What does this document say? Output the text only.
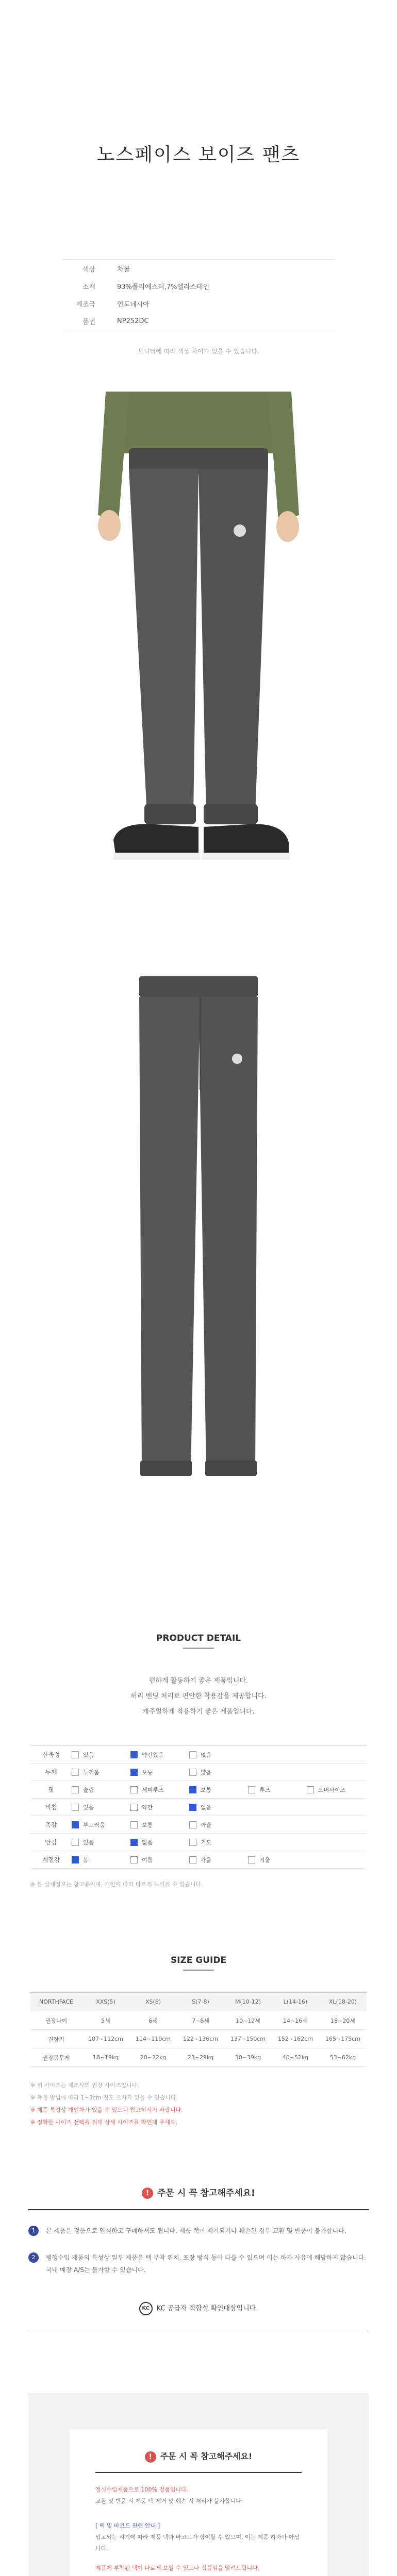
노스페이스 보이즈 팬츠
색상	차콜
소재	93%폴리에스터,7%엘라스테인
제조국	인도네시아
품번	NP252DC

모니터에 따라 색상 차이가 있을 수 있습니다.

PRODUCT DETAIL

편하게 활동하기 좋은 제품입니다.

허리 밴딩 처리로 편안한 착용감을 제공합니다.

캐주얼하게 착용하기 좋은 제품입니다.

신축성	있음	약간있음	없음
두께	두꺼움	보통	얇음
핏	슬림	세미루즈	보통	루즈	오버사이즈
비침	있음	약간	없음
촉감	부드러움	보통	까슬
안감	있음	없음	기모
계절감	봄	여름	가을	겨울

※ 본 상세정보는 참고용이며, 개인에 따라 다르게 느끼실 수 있습니다.

SIZE GUIDE
NORTHFACE	XXS(5)	XS(6)	S(7-8)	M(10-12)	L(14-16)	XL(18-20)
권장나이	5세	6세	7~8세	10~12세	14~16세	18~20세
권장키	107~112cm	114~119cm	122~136cm	137~150cm	152~162cm	165~175cm
권장몸무게	18~19kg	20~22kg	23~29kg	30~39kg	40~52kg	53~62kg

※ 위 사이즈는 제조사의 권장 사이즈입니다.

※ 측정 방법에 따라 1~3cm 정도 오차가 있을 수 있습니다.

※ 제품 특성상 개인차가 있을 수 있으니 참고하시기 바랍니다.

※ 정확한 사이즈 선택을 위해 상세 사이즈를 확인해 주세요.

! 주문 시 꼭 참고해주세요!
1	본 제품은 정품으로 안심하고 구매하셔도 됩니다. 제품 택이 제거되거나 훼손된 경우 교환 및 반품이 불가합니다.

2	병행수입 제품의 특성상 일부 제품은 택 부착 위치, 포장 방식 등이 다를 수 있으며 이는 하자 사유에 해당하지 않습니다. 국내 매장 A/S는 불가할 수 있습니다.

KC KC 공급자 적합성 확인대상입니다.
! 주문 시 꼭 참고해주세요!

정식수입제품으로 100% 정품입니다.

교환 및 반품 시 제품 택 제거 및 훼손 시 처리가 불가합니다.

[ 택 및 바코드 관련 안내 ]

입고되는 시기에 따라 제품 택과 바코드가 상이할 수 있으며, 이는 제품 하자가 아닙니다.

제품에 부착된 택이 다르게 보일 수 있으나 정품임을 알려드립니다.
